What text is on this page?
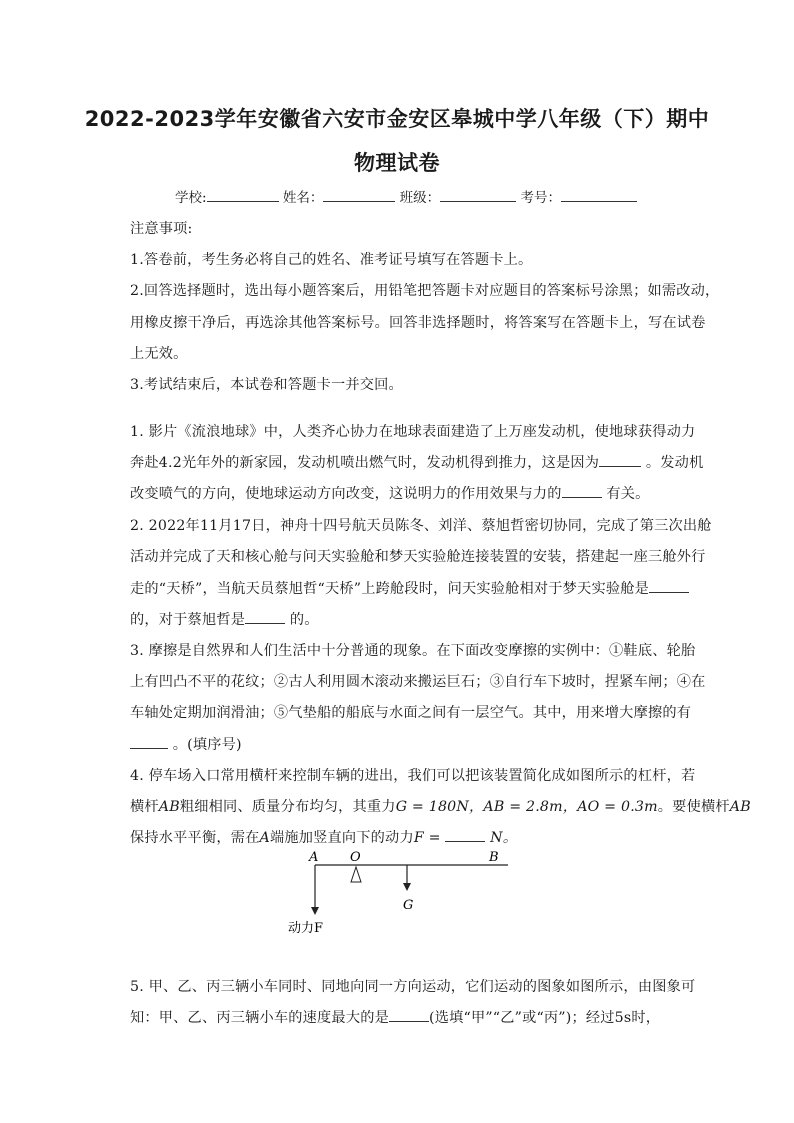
2022-2023学年安徽省六安市金安区皋城中学八年级（下）期中
物理试卷
学校:	姓名：	班级：	考号：
注意事项:
1.答卷前，考生务必将自己的姓名、准考证号填写在答题卡上。
2.回答选择题时，选出每小题答案后，用铅笔把答题卡对应题目的答案标号涂黑；如需改动，
用橡皮擦干净后，再选涂其他答案标号。回答非选择题时，将答案写在答题卡上，写在试卷
上无效。
3.考试结束后，本试卷和答题卡一并交回。
1. 影片《流浪地球》中，人类齐心协力在地球表面建造了上万座发动机，使地球获得动力
奔赴4.2光年外的新家园，发动机喷出燃气时，发动机得到推力，这是因为	。发动机
改变喷气的方向，使地球运动方向改变，这说明力的作用效果与力的	有关。
2. 2022年11月17日，神舟十四号航天员陈冬、刘洋、蔡旭哲密切协同，完成了第三次出舱
活动并完成了天和核心舱与问天实验舱和梦天实验舱连接装置的安装，搭建起一座三舱外行
走的“天桥”，当航天员蔡旭哲“天桥”上跨舱段时，问天实验舱相对于梦天实验舱是
的，对于蔡旭哲是	的。
3. 摩擦是自然界和人们生活中十分普通的现象。在下面改变摩擦的实例中：①鞋底、轮胎
上有凹凸不平的花纹；②古人利用圆木滚动来搬运巨石；③自行车下坡时，捏紧车闸；④在
车轴处定期加润滑油；⑤气垫船的船底与水面之间有一层空气。其中，用来增大摩擦的有
。(填序号)
4. 停车场入口常用横杆来控制车辆的进出，我们可以把该装置简化成如图所示的杠杆，若
横杆AB粗细相同、质量分布均匀，其重力G = 180N，AB = 2.8m，AO = 0.3m。要使横杆AB
保持水平平衡，需在A端施加竖直向下的动力F =	N。
A O	B
G
动力F
5. 甲、乙、丙三辆小车同时、同地向同一方向运动，它们运动的图象如图所示，由图象可
知：甲、乙、丙三辆小车的速度最大的是	(选填“甲”“乙”或“丙”)；经过5s时，
